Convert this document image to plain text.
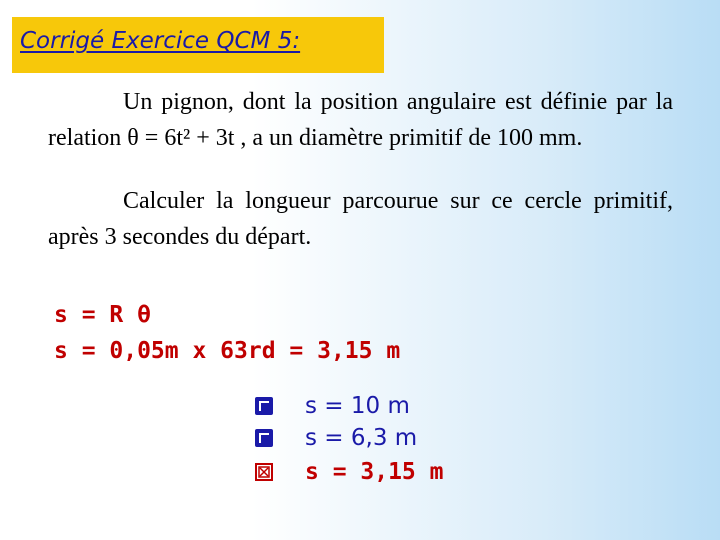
Corrigé Exercice QCM 5:
Un pignon, dont la position angulaire est définie par la relation θ = 6t² + 3t , a un diamètre primitif de 100 mm.
Calculer la longueur parcourue sur ce cercle primitif, après 3 secondes du départ.
s = R θ
s = 0,05m x 63rd = 3,15 m
s = 10 m
s = 6,3 m
s = 3,15 m
